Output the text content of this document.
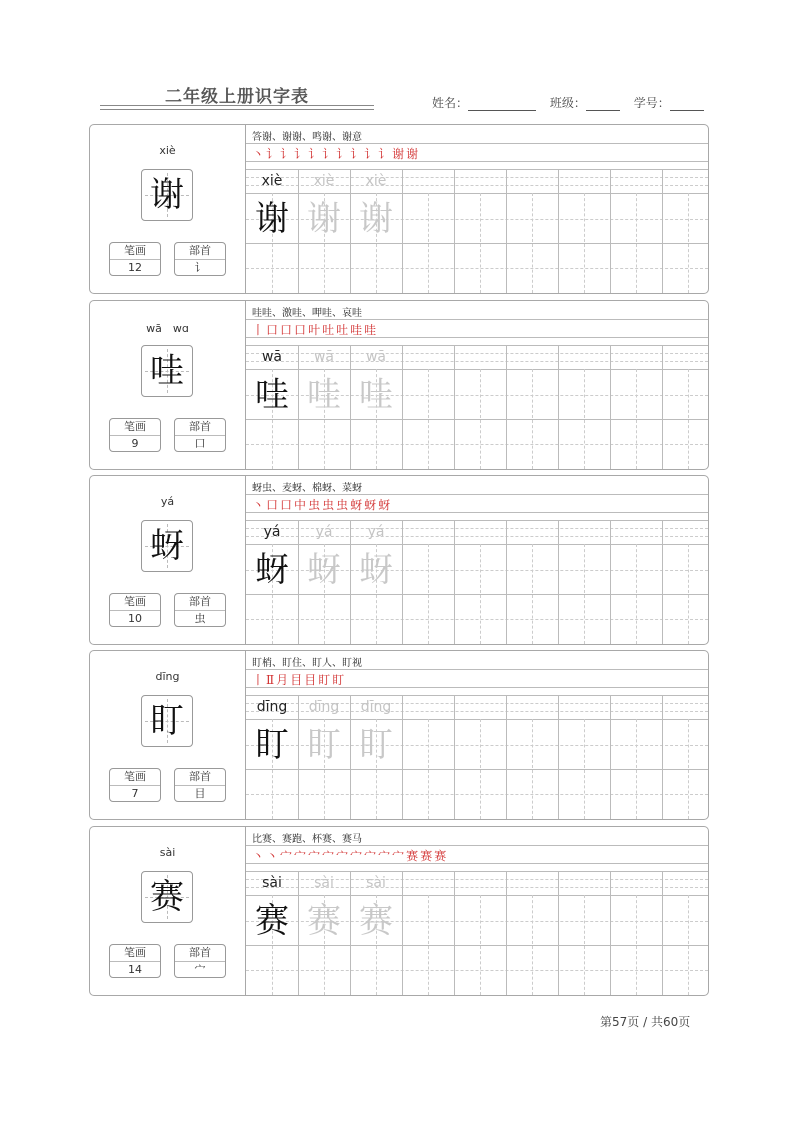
二年级上册识字表	姓名：	班级：	学号：
xiè
谢
笔画
12
部首
讠
答谢、谢谢、鸣谢、谢意
丶讠讠讠讠讠讠讠讠讠谢谢
xiè
谢
xiè
谢
xiè
谢
wā　wɑ
哇
笔画
9
部首
口
哇哇、激哇、呷哇、哀哇
丨口口口叶吐吐哇哇
wā
哇
wā
哇
wā
哇
yá
蚜
笔画
10
部首
虫
蚜虫、麦蚜、棉蚜、菜蚜
丶口口中虫虫虫蚜蚜蚜
yá
蚜
yá
蚜
yá
蚜
dīng
盯
笔画
7
部首
目
盯梢、盯住、盯人、盯视
丨Ⅱ月目目盯盯
dīng
盯
dīng
盯
dīng
盯
sài
赛
笔画
14
部首
宀
比赛、赛跑、杯赛、赛马
丶丶宀宀宀宀宀宀宀宀宀赛赛赛
sài
赛
sài
赛
sài
赛
第57页 / 共60页
